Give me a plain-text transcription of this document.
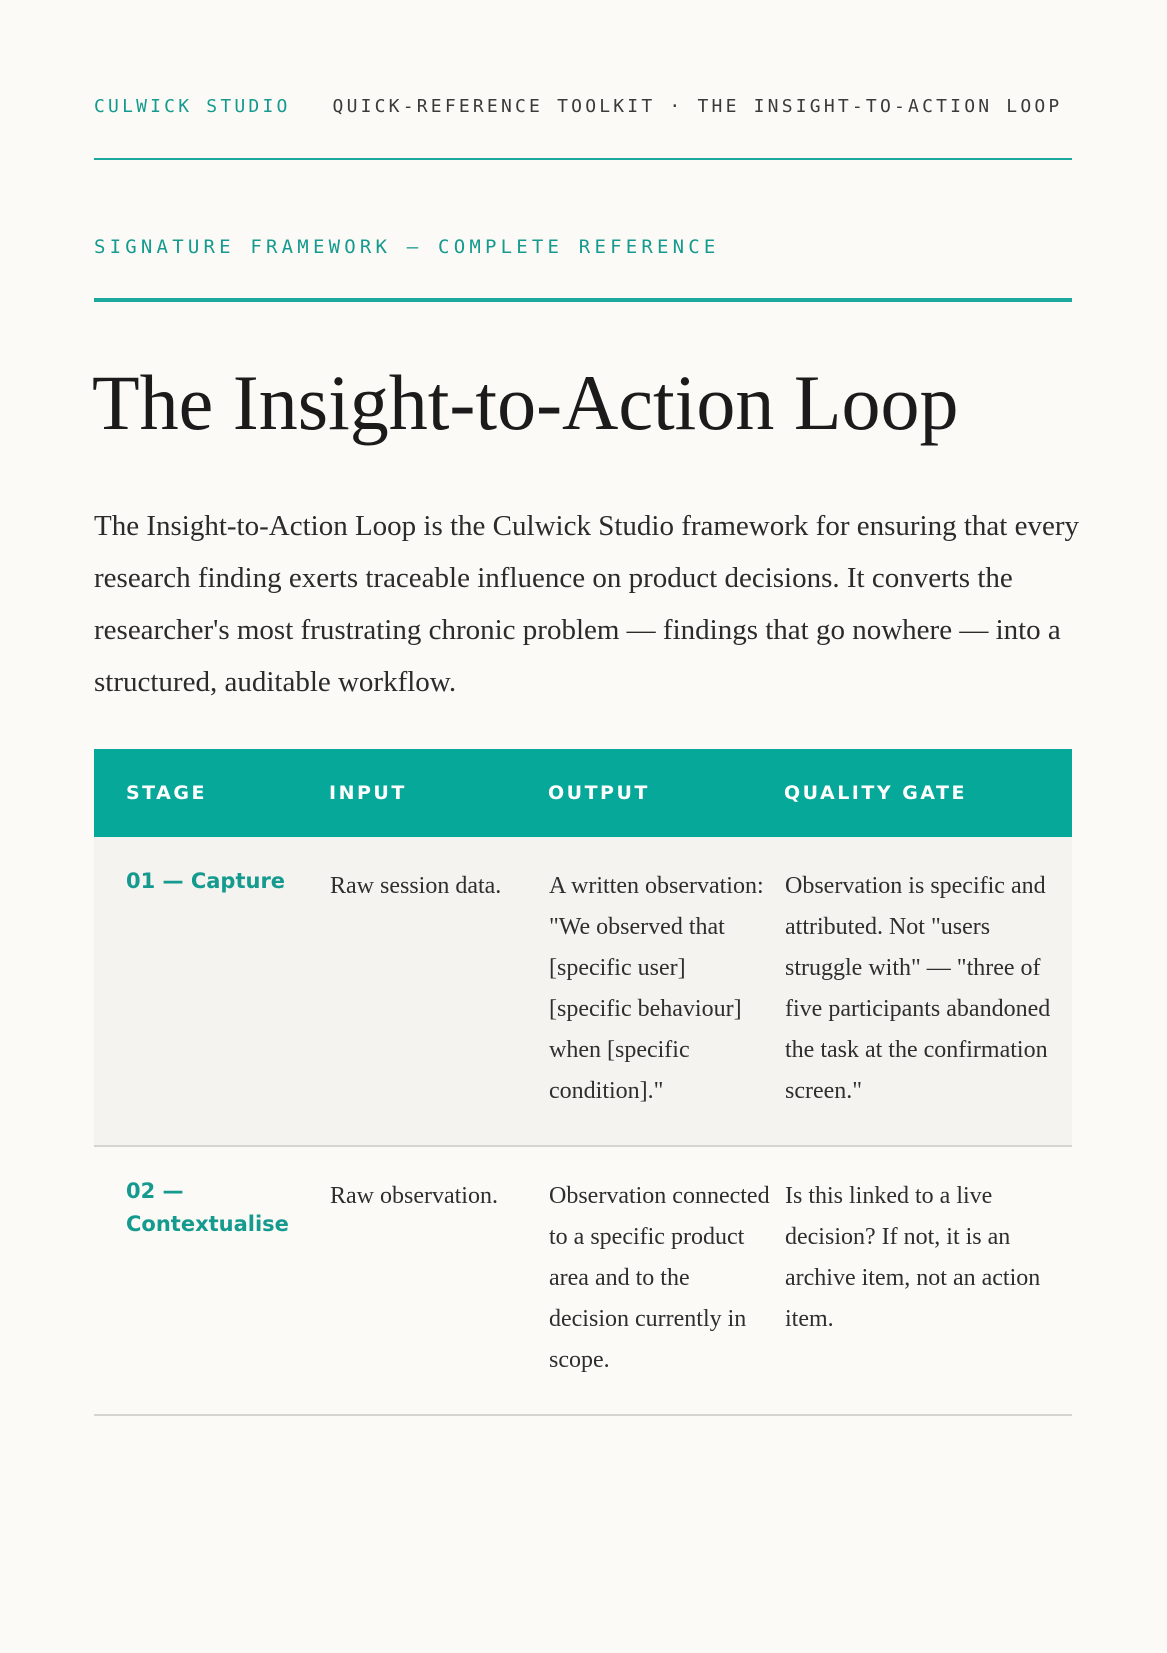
CULWICK STUDIO QUICK-REFERENCE TOOLKIT · THE INSIGHT-TO-ACTION LOOP
SIGNATURE FRAMEWORK — COMPLETE REFERENCE
The Insight-to-Action Loop

The Insight-to-Action Loop is the Culwick Studio framework for ensuring that every research finding exerts traceable influence on product decisions. It converts the researcher's most frustrating chronic problem — findings that go nowhere — into a structured, auditable workflow.

STAGE	INPUT	OUTPUT	QUALITY GATE
01 — Capture	Raw session data.	A written observation: "We observed that [specific user] [specific behaviour] when [specific condition]."	Observation is specific and attributed. Not "users struggle with" — "three of five participants abandoned the task at the confirmation screen."
02 — Contextualise	Raw observation.	Observation connected to a specific product area and to the decision currently in scope.	Is this linked to a live decision? If not, it is an archive item, not an action item.
